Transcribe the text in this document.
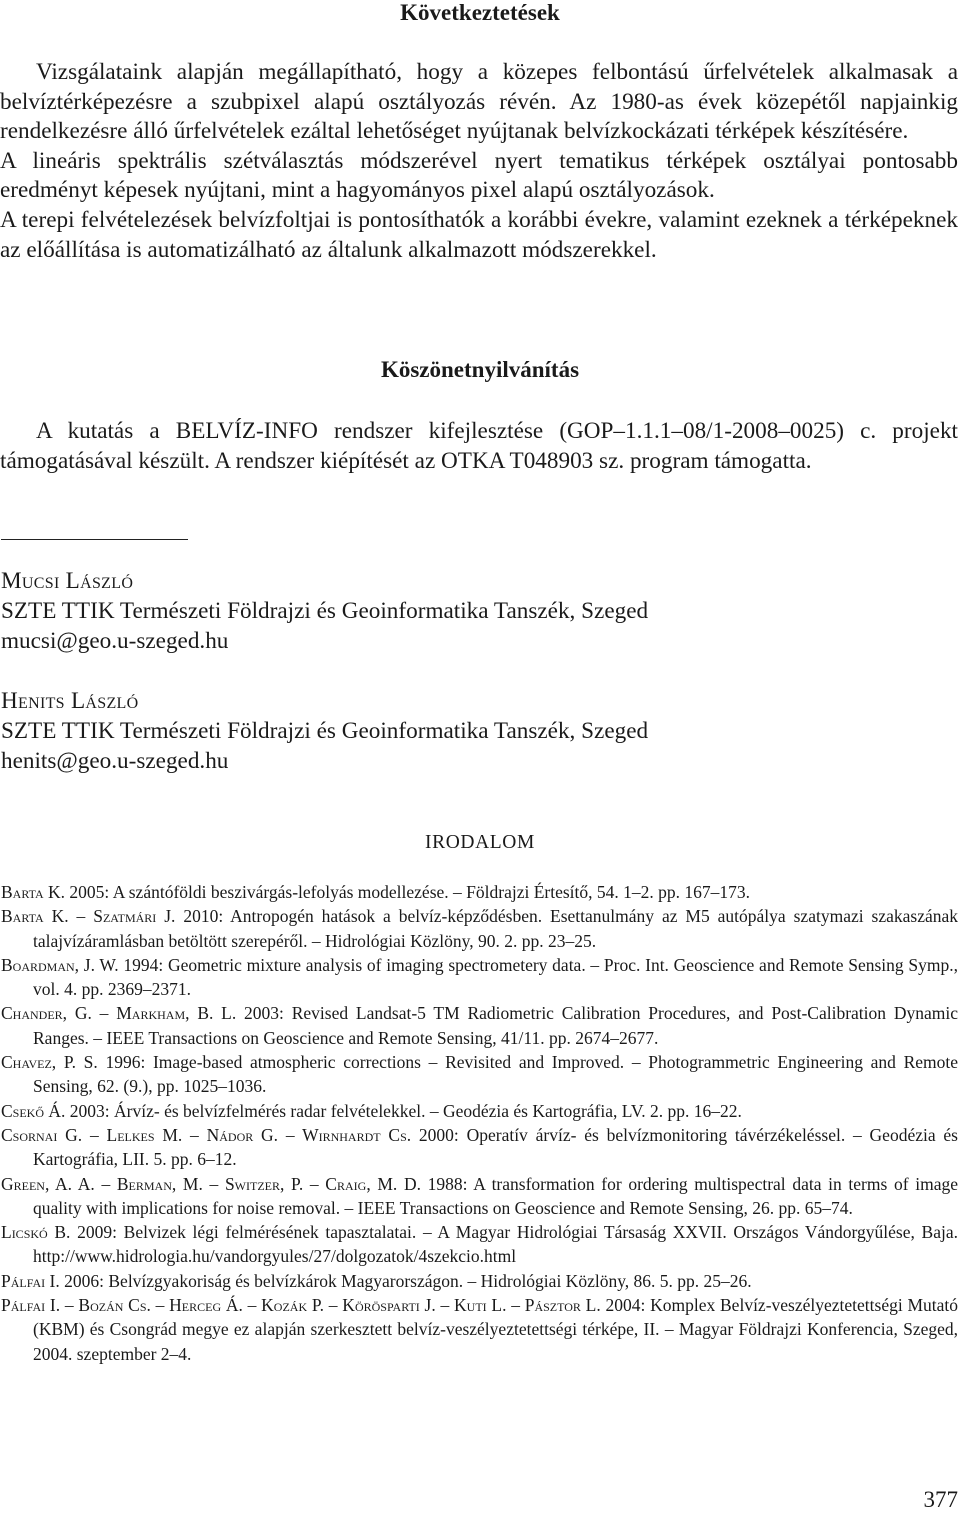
Következtetések

Vizsgálataink alapján megállapítható, hogy a közepes felbontású űrfelvételek alkalmasak a belvíztérképezésre a szubpixel alapú osztályozás révén. Az 1980-as évek közepétől napjainkig rendelkezésre álló űrfelvételek ezáltal lehetőséget nyújtanak belvízkockázati térképek készítésére.

A lineáris spektrális szétválasztás módszerével nyert tematikus térképek osztályai pontosabb eredményt képesek nyújtani, mint a hagyományos pixel alapú osztályozások.

A terepi felvételezések belvízfoltjai is pontosíthatók a korábbi évekre, valamint ezeknek a térképeknek az előállítása is automatizálható az általunk alkalmazott módszerekkel.

Köszönetnyilvánítás

A kutatás a BELVÍZ-INFO rendszer kifejlesztése (GOP–1.1.1–08/1-2008–0025) c. projekt támogatásával készült. A rendszer kiépítését az OTKA T048903 sz. program támogatta.

Mucsi László
SZTE TTIK Természeti Földrajzi és Geoinformatika Tanszék, Szeged
mucsi@geo.u-szeged.hu
Henits László
SZTE TTIK Természeti Földrajzi és Geoinformatika Tanszék, Szeged
henits@geo.u-szeged.hu
IRODALOM

Barta K. 2005: A szántóföldi beszivárgás-lefolyás modellezése. – Földrajzi Értesítő, 54. 1–2. pp. 167–173.

Barta K. – Szatmári J. 2010: Antropogén hatások a belvíz-képződésben. Esettanulmány az M5 autópálya szatymazi szakaszának talajvízáramlásban betöltött szerepéről. – Hidrológiai Közlöny, 90. 2. pp. 23–25.

Boardman, J. W. 1994: Geometric mixture analysis of imaging spectrometery data. – Proc. Int. Geoscience and Remote Sensing Symp., vol. 4. pp. 2369–2371.

Chander, G. – Markham, B. L. 2003: Revised Landsat-5 TM Radiometric Calibration Procedures, and Post-Calibration Dynamic Ranges. – IEEE Transactions on Geoscience and Remote Sensing, 41/11. pp. 2674–2677.

Chavez, P. S. 1996: Image-based atmospheric corrections – Revisited and Improved. – Photogrammetric Engineering and Remote Sensing, 62. (9.), pp. 1025–1036.

Csekő Á. 2003: Árvíz- és belvízfelmérés radar felvételekkel. – Geodézia és Kartográfia, LV. 2. pp. 16–22.

Csornai G. – Lelkes M. – Nádor G. – Wirnhardt Cs. 2000: Operatív árvíz- és belvízmonitoring távérzékeléssel. – Geodézia és Kartográfia, LII. 5. pp. 6–12.

Green, A. A. – Berman, M. – Switzer, P. – Craig, M. D. 1988: A transformation for ordering multispectral data in terms of image quality with implications for noise removal. – IEEE Transactions on Geoscience and Remote Sensing, 26. pp. 65–74.

Licskó B. 2009: Belvizek légi felmérésének tapasztalatai. – A Magyar Hidrológiai Társaság XXVII. Országos Vándorgyűlése, Baja. http://www.hidrologia.hu/vandorgyules/27/dolgozatok/4szekcio.html

Pálfai I. 2006: Belvízgyakoriság és belvízkárok Magyarországon. – Hidrológiai Közlöny, 86. 5. pp. 25–26.

Pálfai I. – Bozán Cs. – Herceg Á. – Kozák P. – Körösparti J. – Kuti L. – Pásztor L. 2004: Komplex Belvíz-veszélyeztetettségi Mutató (KBM) és Csongrád megye ez alapján szerkesztett belvíz-veszélyeztetettségi térképe, II. – Magyar Földrajzi Konferencia, Szeged, 2004. szeptember 2–4.

377
